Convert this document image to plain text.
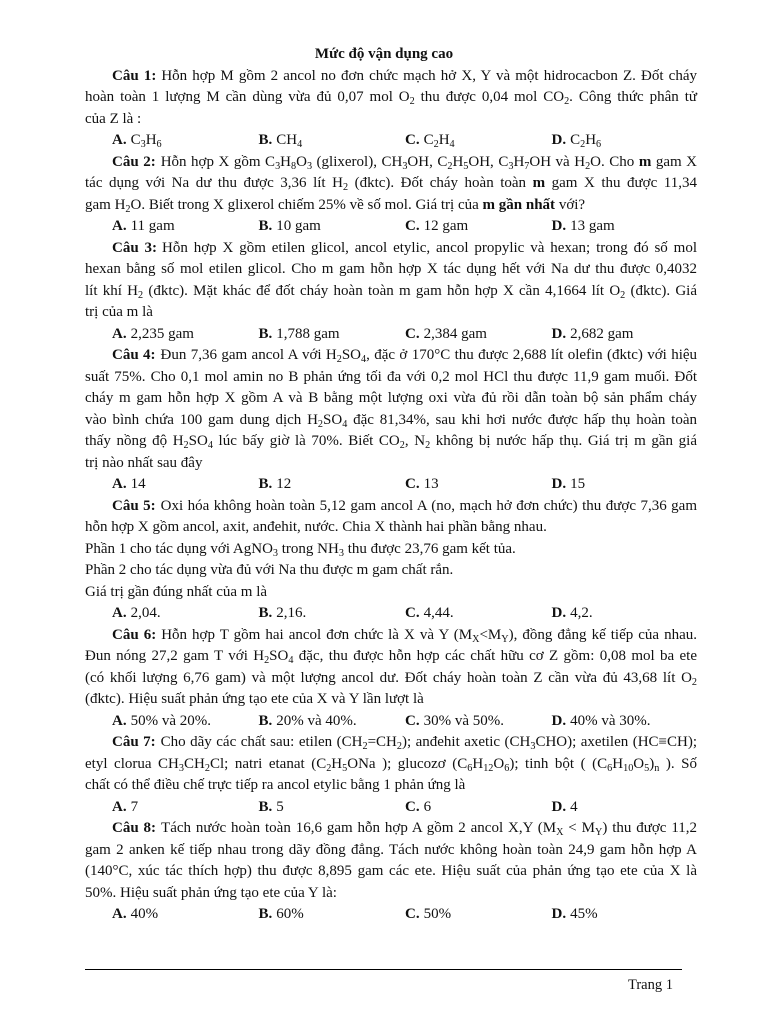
Mức độ vận dụng cao
Câu 1: Hỗn hợp M gồm 2 ancol no đơn chức mạch hở X, Y và một hidrocacbon Z. Đốt cháy
hoàn toàn 1 lượng M cần dùng vừa đủ 0,07 mol $O_2$ thu được 0,04 mol $CO_2$. Công thức phân tử
của Z là :
A. $C_3H_6$	B. $CH_4$	C. $C_2H_4$	D. $C_2H_6$
Câu 2: Hỗn hợp X gồm $C_3H_8O_3$ (glixerol), $CH_3OH$, $C_2H_5OH$, $C_3H_7OH$ và $H_2O$. Cho m gam X
tác dụng với Na dư thu được 3,36 lít $H_2$ (đktc). Đốt cháy hoàn toàn m gam X thu được 11,34
gam $H_2O$. Biết trong X glixerol chiếm 25% về số mol. Giá trị của m gần nhất với?
A. 11 gam	B. 10 gam	C. 12 gam	D. 13 gam
Câu 3: Hỗn hợp X gồm etilen glicol, ancol etylic, ancol propylic và hexan; trong đó số mol
hexan bằng số mol etilen glicol. Cho m gam hỗn hợp X tác dụng hết với Na dư thu được 0,4032
lít khí $H_2$ (đktc). Mặt khác để đốt cháy hoàn toàn m gam hỗn hợp X cần 4,1664 lít $O_2$ (đktc). Giá
trị của m là
A. 2,235 gam	B. 1,788 gam	C. 2,384 gam	D. 2,682 gam
Câu 4: Đun 7,36 gam ancol A với $H_2SO_4$, đặc ở 170°C thu được 2,688 lít olefin (đktc) với hiệu
suất 75%. Cho 0,1 mol amin no B phản ứng tối đa với 0,2 mol HCl thu được 11,9 gam muối. Đốt
cháy m gam hỗn hợp X gồm A và B bằng một lượng oxi vừa đủ rồi dẫn toàn bộ sản phẩm cháy
vào bình chứa 100 gam dung dịch $H_2SO_4$ đặc 81,34%, sau khi hơi nước được hấp thụ hoàn toàn
thấy nồng độ $H_2SO_4$ lúc bấy giờ là 70%. Biết $CO_2$, $N_2$ không bị nước hấp thụ. Giá trị m gần giá
trị nào nhất sau đây
A. 14	B. 12	C. 13	D. 15
Câu 5: Oxi hóa không hoàn toàn 5,12 gam ancol A (no, mạch hở đơn chức) thu được 7,36 gam
hỗn hợp X gồm ancol, axit, anđehit, nước. Chia X thành hai phần bằng nhau.
Phần 1 cho tác dụng với AgNO$_3$ trong $NH_3$ thu được 23,76 gam kết tủa.
Phần 2 cho tác dụng vừa đủ với Na thu được m gam chất rắn.
Giá trị gần đúng nhất của m là
A. 2,04.	B. 2,16.	C. 4,44.	D. 4,2.
Câu 6: Hỗn hợp T gồm hai ancol đơn chức là X và Y $(M_X<M_Y)$, đồng đẳng kế tiếp của nhau.
Đun nóng 27,2 gam T với $H_2SO_4$ đặc, thu được hỗn hợp các chất hữu cơ Z gồm: 0,08 mol ba ete
(có khối lượng 6,76 gam) và một lượng ancol dư. Đốt cháy hoàn toàn Z cần vừa đủ 43,68 lít $O_2$
(đktc). Hiệu suất phản ứng tạo ete của X và Y lần lượt là
A. 50% và 20%.	B. 20% và 40%.	C. 30% và 50%.	D. 40% và 30%.
Câu 7: Cho dãy các chất sau: etilen $(CH_2=CH_2)$; anđehit axetic $(CH_3CHO)$; axetilen (HC≡CH);
etyl clorua $CH_3CH_2Cl$; natri etanat ($C_2H_5ONa$ ); glucozơ $(C_6H_{12}O_6)$; tinh bột ( $(C_6H_{10}O_5)_n$ ). Số
chất có thể điều chế trực tiếp ra ancol etylic bằng 1 phản ứng là
A. 7	B. 5	C. 6	D. 4
Câu 8: Tách nước hoàn toàn 16,6 gam hỗn hợp A gồm 2 ancol X,Y $(M_X < M_Y)$ thu được 11,2
gam 2 anken kế tiếp nhau trong dãy đồng đẳng. Tách nước không hoàn toàn 24,9 gam hỗn hợp A
(140°C, xúc tác thích hợp) thu được 8,895 gam các ete. Hiệu suất của phản ứng tạo ete của X là
50%. Hiệu suất phản ứng tạo ete của Y là:
A. 40%	B. 60%	C. 50%	D. 45%
Trang 1
